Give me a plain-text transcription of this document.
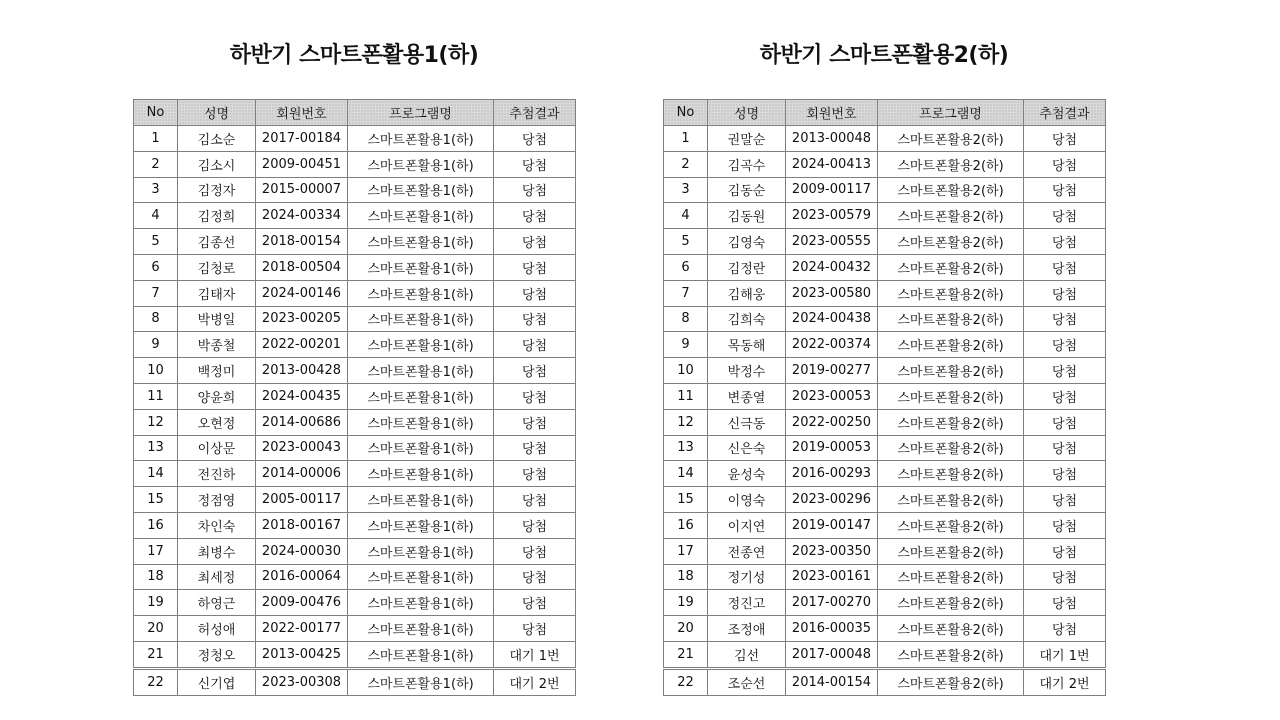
하반기 스마트폰활용1(하)
No	성명	회원번호	프로그램명	추첨결과
1	김소순	2017-00184	스마트폰활용1(하)	당첨
2	김소시	2009-00451	스마트폰활용1(하)	당첨
3	김정자	2015-00007	스마트폰활용1(하)	당첨
4	김정희	2024-00334	스마트폰활용1(하)	당첨
5	김종선	2018-00154	스마트폰활용1(하)	당첨
6	김청로	2018-00504	스마트폰활용1(하)	당첨
7	김태자	2024-00146	스마트폰활용1(하)	당첨
8	박병일	2023-00205	스마트폰활용1(하)	당첨
9	박종철	2022-00201	스마트폰활용1(하)	당첨
10	백정미	2013-00428	스마트폰활용1(하)	당첨
11	양윤희	2024-00435	스마트폰활용1(하)	당첨
12	오현정	2014-00686	스마트폰활용1(하)	당첨
13	이상문	2023-00043	스마트폰활용1(하)	당첨
14	전진하	2014-00006	스마트폰활용1(하)	당첨
15	정점영	2005-00117	스마트폰활용1(하)	당첨
16	차인숙	2018-00167	스마트폰활용1(하)	당첨
17	최병수	2024-00030	스마트폰활용1(하)	당첨
18	최세정	2016-00064	스마트폰활용1(하)	당첨
19	하영근	2009-00476	스마트폰활용1(하)	당첨
20	허성애	2022-00177	스마트폰활용1(하)	당첨
21	정청오	2013-00425	스마트폰활용1(하)	대기 1번
22	신기엽	2023-00308	스마트폰활용1(하)	대기 2번
하반기 스마트폰활용2(하)
No	성명	회원번호	프로그램명	추첨결과
1	권말순	2013-00048	스마트폰활용2(하)	당첨
2	김곡수	2024-00413	스마트폰활용2(하)	당첨
3	김동순	2009-00117	스마트폰활용2(하)	당첨
4	김동원	2023-00579	스마트폰활용2(하)	당첨
5	김영숙	2023-00555	스마트폰활용2(하)	당첨
6	김정란	2024-00432	스마트폰활용2(하)	당첨
7	김해웅	2023-00580	스마트폰활용2(하)	당첨
8	김희숙	2024-00438	스마트폰활용2(하)	당첨
9	목동해	2022-00374	스마트폰활용2(하)	당첨
10	박정수	2019-00277	스마트폰활용2(하)	당첨
11	변종열	2023-00053	스마트폰활용2(하)	당첨
12	신극동	2022-00250	스마트폰활용2(하)	당첨
13	신은숙	2019-00053	스마트폰활용2(하)	당첨
14	윤성숙	2016-00293	스마트폰활용2(하)	당첨
15	이영숙	2023-00296	스마트폰활용2(하)	당첨
16	이지연	2019-00147	스마트폰활용2(하)	당첨
17	전종연	2023-00350	스마트폰활용2(하)	당첨
18	정기성	2023-00161	스마트폰활용2(하)	당첨
19	정진고	2017-00270	스마트폰활용2(하)	당첨
20	조정애	2016-00035	스마트폰활용2(하)	당첨
21	김선	2017-00048	스마트폰활용2(하)	대기 1번
22	조순선	2014-00154	스마트폰활용2(하)	대기 2번
